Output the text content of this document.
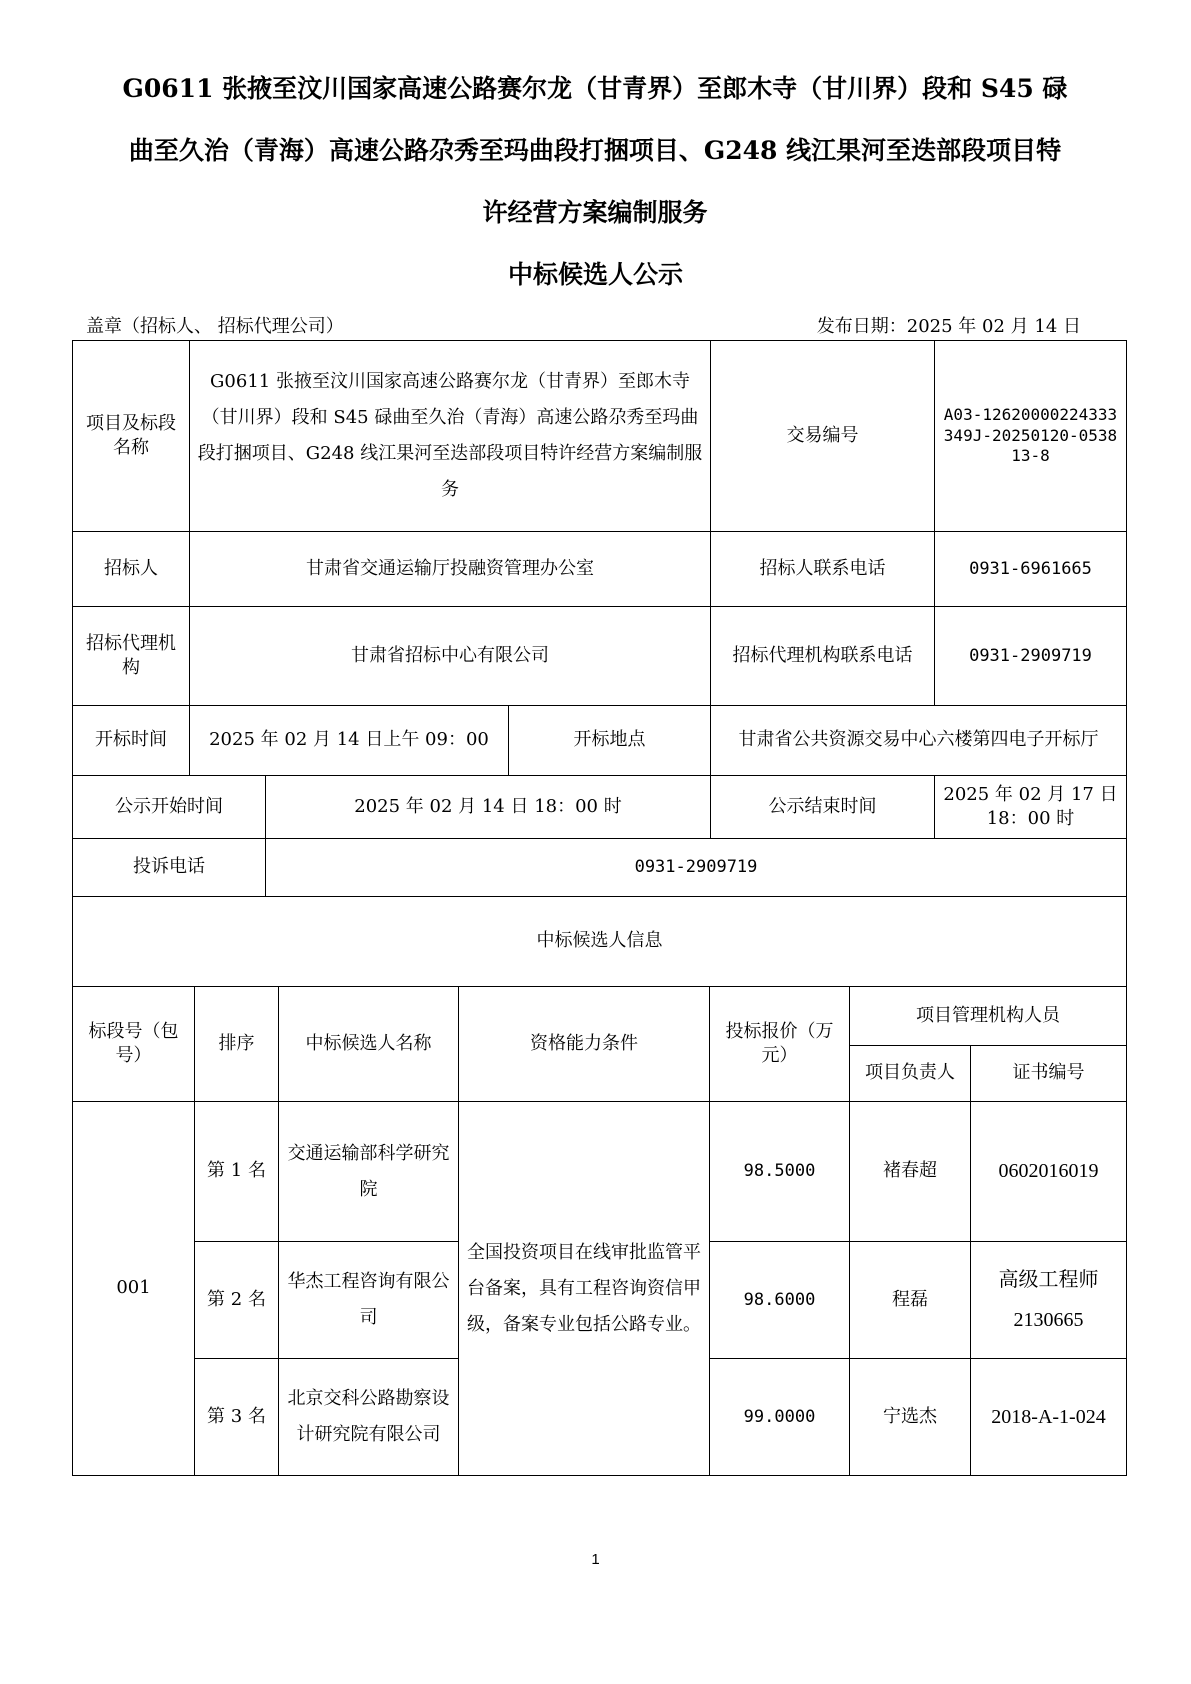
G0611 张掖至汶川国家高速公路赛尔龙（甘青界）至郎木寺（甘川界）段和 S45 碌
曲至久治（青海）高速公路尕秀至玛曲段打捆项目、G248 线江果河至迭部段项目特
许经营方案编制服务
中标候选人公示
盖章（招标人、 招标代理公司）	发布日期：2025 年 02 月 14 日
项目及标段名称	G0611 张掖至汶川国家高速公路赛尔龙（甘青界）至郎木寺（甘川界）段和 S45 碌曲至久治（青海）高速公路尕秀至玛曲段打捆项目、G248 线江果河至迭部段项目特许经营方案编制服务			交易编号	A03-12620000224333349J-20250120-053813-8
招标人	甘肃省交通运输厅投融资管理办公室			招标人联系电话	0931-6961665
招标代理机构	甘肃省招标中心有限公司			招标代理机构联系电话	0931-2909719
开标时间	2025 年 02 月 14 日上午 09：00		开标地点	甘肃省公共资源交易中心六楼第四电子开标厅	
公示开始时间		2025 年 02 月 14 日 18：00 时		公示结束时间	2025 年 02 月 17 日 18：00 时
投诉电话		0931-2909719			
中标候选人信息					
标段号（包号）	排序	中标候选人名称	资格能力条件	投标报价（万元）	项目管理机构人员	
					项目负责人	证书编号
001	第 1 名	交通运输部科学研究院	全国投资项目在线审批监管平台备案，具有工程咨询资信甲级，备案专业包括公路专业。	98.5000	褚春超	0602016019
	第 2 名	华杰工程咨询有限公司		98.6000	程磊	高级工程师 2130665
	第 3 名	北京交科公路勘察设计研究院有限公司		99.0000	宁选杰	2018-A-1-024
1
